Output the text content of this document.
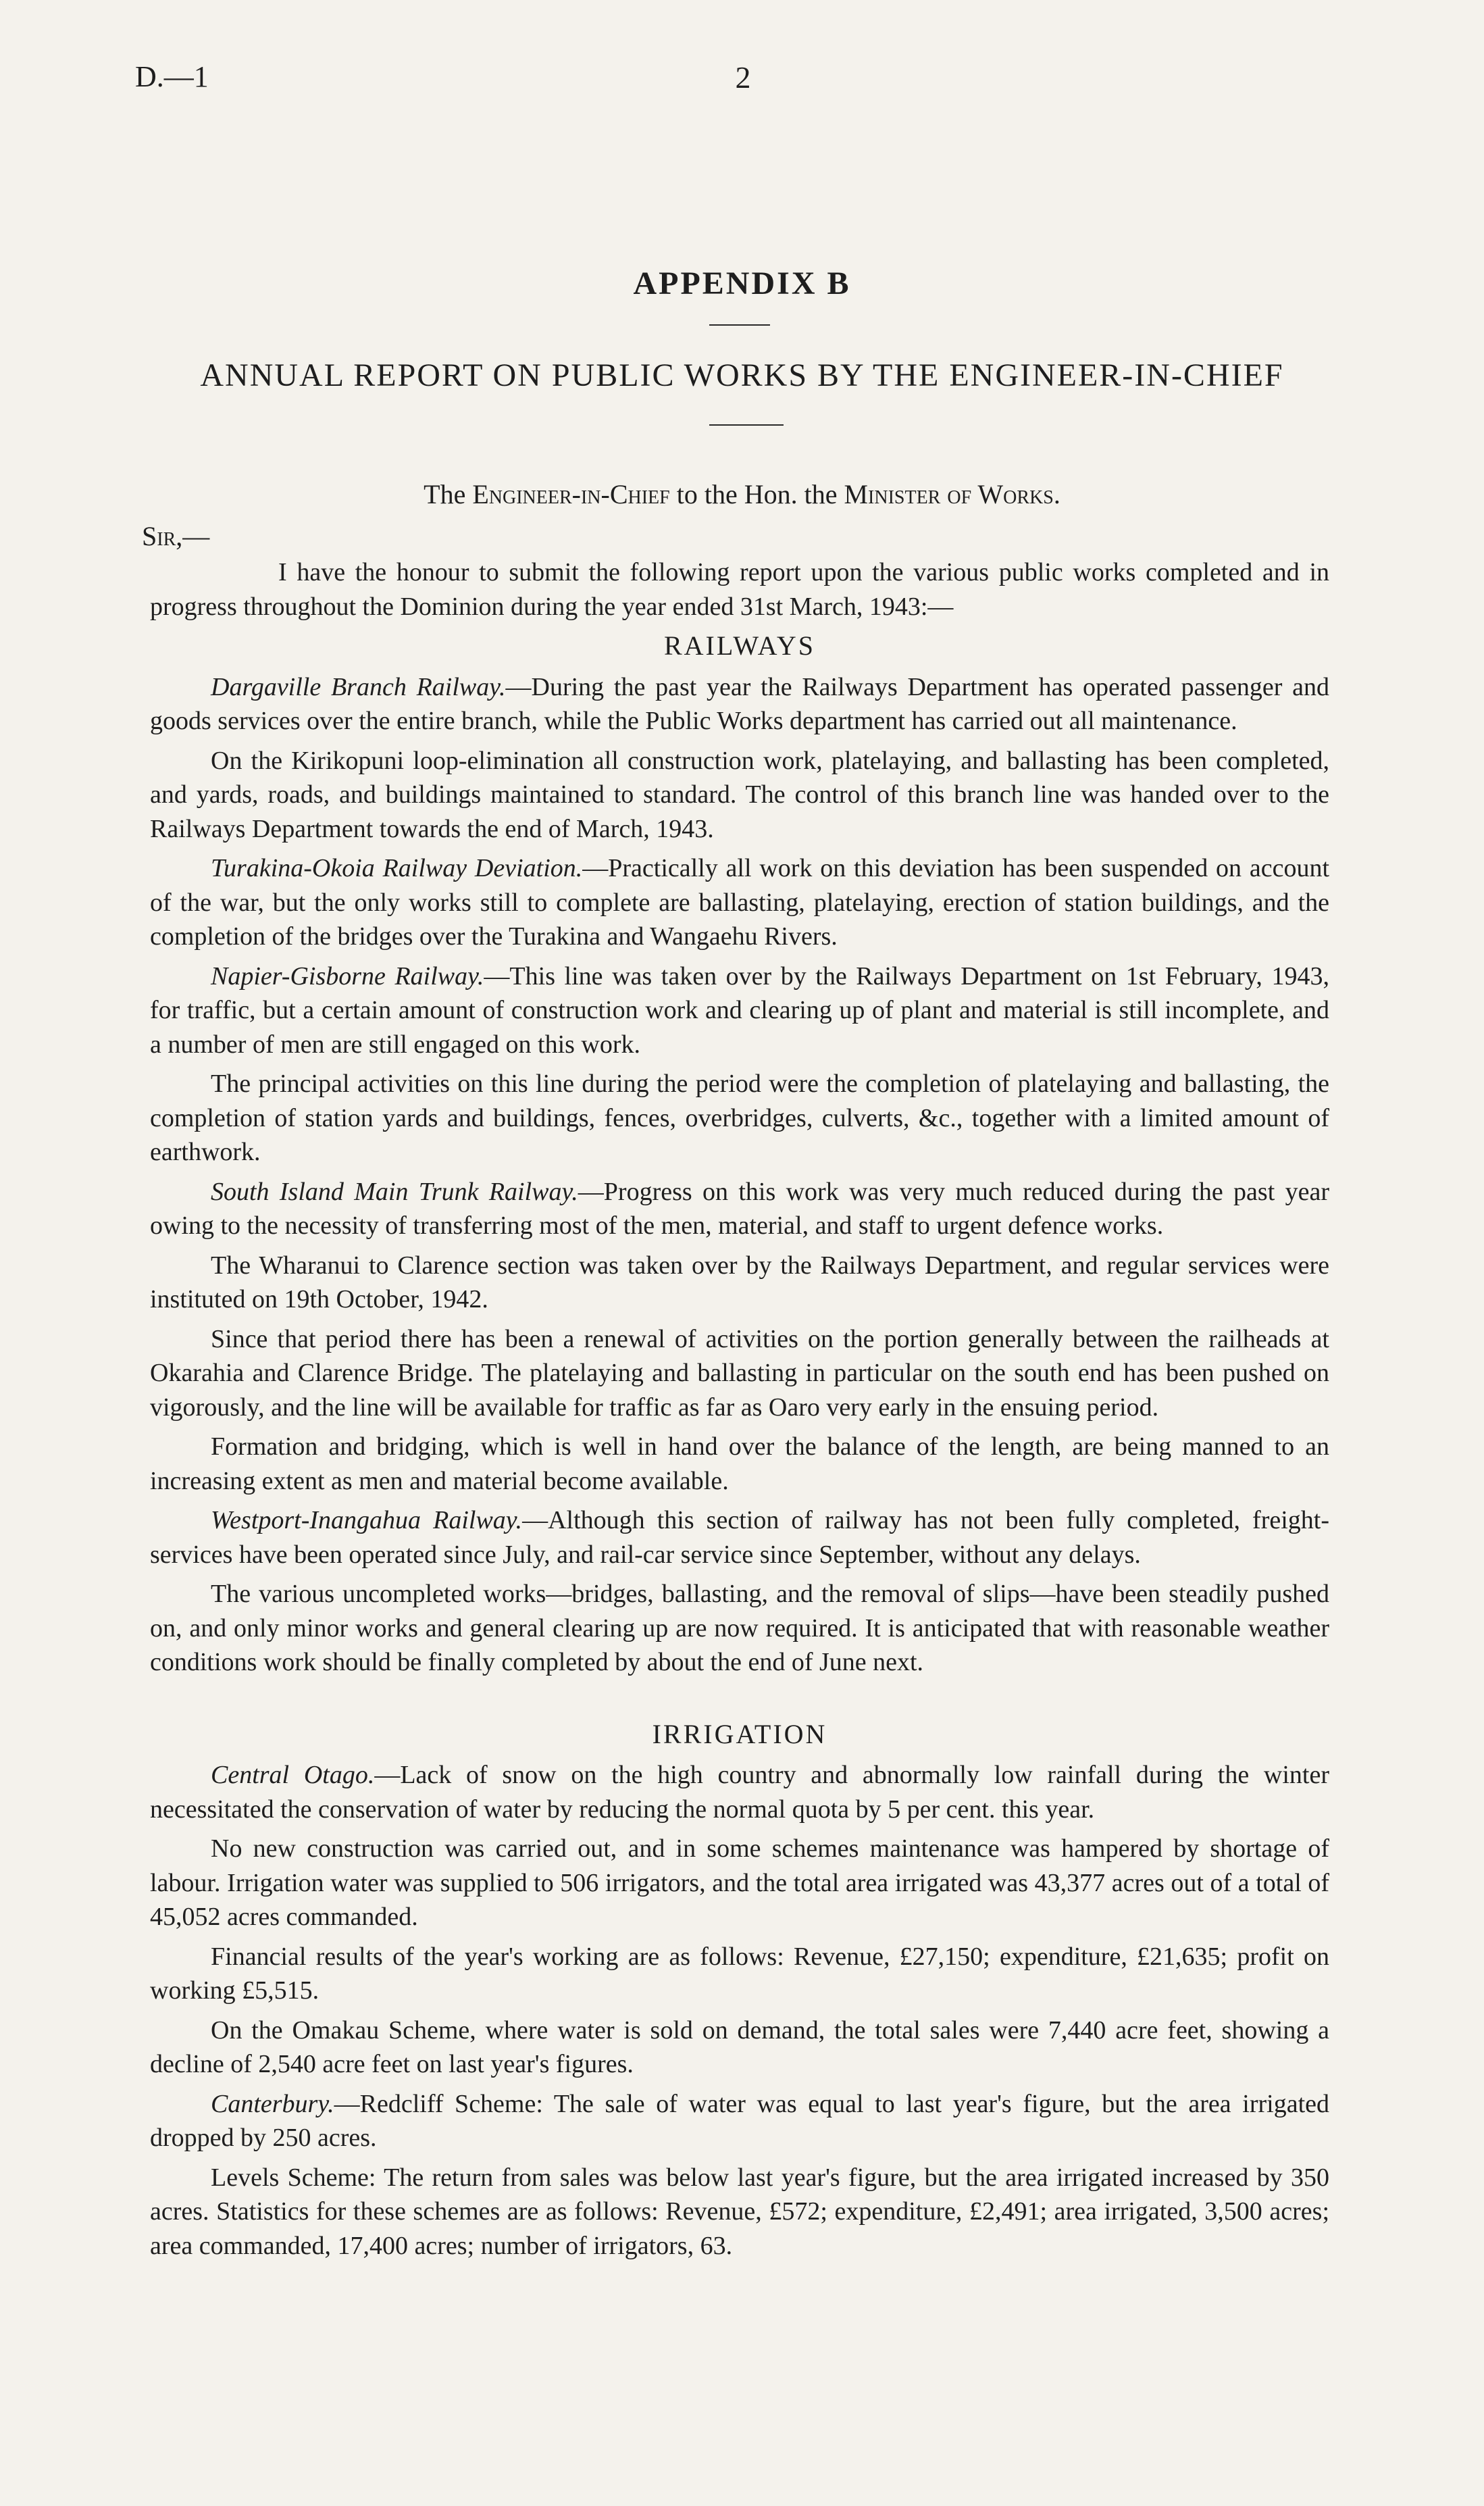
D.—1	2
APPENDIX B
ANNUAL REPORT ON PUBLIC WORKS BY THE ENGINEER-IN-CHIEF
The Engineer-in-Chief to the Hon. the Minister of Works.
Sir,—

I have the honour to submit the following report upon the various public works completed and in progress throughout the Dominion during the year ended 31st March, 1943:—

RAILWAYS

Dargaville Branch Railway.—During the past year the Railways Department has operated passenger and goods services over the entire branch, while the Public Works department has carried out all maintenance.

On the Kirikopuni loop-elimination all construction work, platelaying, and ballasting has been completed, and yards, roads, and buildings maintained to standard. The control of this branch line was handed over to the Railways Department towards the end of March, 1943.

Turakina-Okoia Railway Deviation.—Practically all work on this deviation has been suspended on account of the war, but the only works still to complete are ballasting, platelaying, erection of station buildings, and the completion of the bridges over the Turakina and Wangaehu Rivers.

Napier-Gisborne Railway.—This line was taken over by the Railways Department on 1st February, 1943, for traffic, but a certain amount of construction work and clearing up of plant and material is still incomplete, and a number of men are still engaged on this work.

The principal activities on this line during the period were the completion of platelaying and ballasting, the completion of station yards and buildings, fences, overbridges, culverts, &c., together with a limited amount of earthwork.

South Island Main Trunk Railway.—Progress on this work was very much reduced during the past year owing to the necessity of transferring most of the men, material, and staff to urgent defence works.

The Wharanui to Clarence section was taken over by the Railways Department, and regular services were instituted on 19th October, 1942.

Since that period there has been a renewal of activities on the portion generally between the railheads at Okarahia and Clarence Bridge. The platelaying and ballasting in particular on the south end has been pushed on vigorously, and the line will be available for traffic as far as Oaro very early in the ensuing period.

Formation and bridging, which is well in hand over the balance of the length, are being manned to an increasing extent as men and material become available.

Westport-Inangahua Railway.—Although this section of railway has not been fully completed, freight-services have been operated since July, and rail-car service since September, without any delays.

The various uncompleted works—bridges, ballasting, and the removal of slips—have been steadily pushed on, and only minor works and general clearing up are now required. It is anticipated that with reasonable weather conditions work should be finally completed by about the end of June next.

IRRIGATION

Central Otago.—Lack of snow on the high country and abnormally low rainfall during the winter necessitated the conservation of water by reducing the normal quota by 5 per cent. this year.

No new construction was carried out, and in some schemes maintenance was hampered by shortage of labour. Irrigation water was supplied to 506 irrigators, and the total area irrigated was 43,377 acres out of a total of 45,052 acres commanded.

Financial results of the year's working are as follows: Revenue, £27,150; expenditure, £21,635; profit on working £5,515.

On the Omakau Scheme, where water is sold on demand, the total sales were 7,440 acre feet, showing a decline of 2,540 acre feet on last year's figures.

Canterbury.—Redcliff Scheme: The sale of water was equal to last year's figure, but the area irrigated dropped by 250 acres.

Levels Scheme: The return from sales was below last year's figure, but the area irrigated increased by 350 acres. Statistics for these schemes are as follows: Revenue, £572; expenditure, £2,491; area irrigated, 3,500 acres; area commanded, 17,400 acres; number of irrigators, 63.
